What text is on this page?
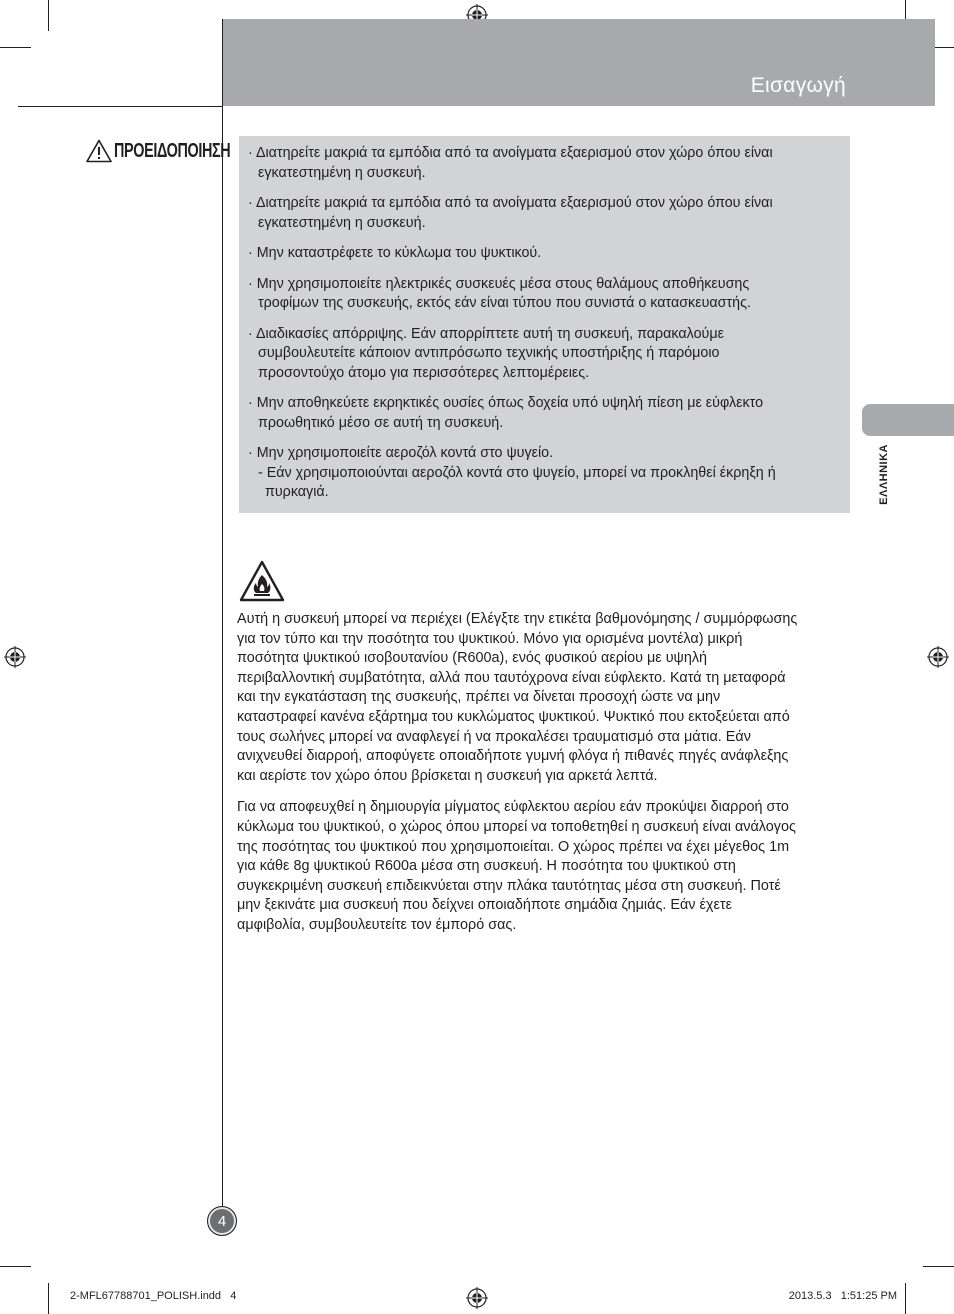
Εισαγωγή
ΠΡΟΕΙΔΟΠΟΙΗΣΗ · Διατηρείτε μακριά τα εμπόδια από τα ανοίγματα εξαερισμού στον χώρο όπου είναι
εγκατεστημένη η συσκευή.
· Διατηρείτε μακριά τα εμπόδια από τα ανοίγματα εξαερισμού στον χώρο όπου είναι
εγκατεστημένη η συσκευή.
· Μην καταστρέφετε το κύκλωμα του ψυκτικού.
· Μην χρησιμοποιείτε ηλεκτρικές συσκευές μέσα στους θαλάμους αποθήκευσης
τροφίμων της συσκευής, εκτός εάν είναι τύπου που συνιστά ο κατασκευαστής.
· Διαδικασίες απόρριψης. Εάν απορρίπτετε αυτή τη συσκευή, παρακαλούμε
συμβουλευτείτε κάποιον αντιπρόσωπο τεχνικής υποστήριξης ή παρόμοιο
προσοντούχο άτομο για περισσότερες λεπτομέρειες.
· Μην αποθηκεύετε εκρηκτικές ουσίες όπως δοχεία υπό υψηλή πίεση με εύφλεκτο
προωθητικό μέσο σε αυτή τη συσκευή.
· Μην χρησιμοποιείτε αεροζόλ κοντά στο ψυγείο.
- Εάν χρησιμοποιούνται αεροζόλ κοντά στο ψυγείο, μπορεί να προκληθεί έκρηξη ή
πυρκαγιά.
Αυτή η συσκευή μπορεί να περιέχει (Ελέγξτε την ετικέτα βαθμονόμησης / συμμόρφωσης
για τον τύπο και την ποσότητα του ψυκτικού. Μόνο για ορισμένα μοντέλα) μικρή
ποσότητα ψυκτικού ισοβουτανίου (R600a), ενός φυσικού αερίου με υψηλή
περιβαλλοντική συμβατότητα, αλλά που ταυτόχρονα είναι εύφλεκτο. Κατά τη μεταφορά
και την εγκατάσταση της συσκευής, πρέπει να δίνεται προσοχή ώστε να μην
καταστραφεί κανένα εξάρτημα του κυκλώματος ψυκτικού. Ψυκτικό που εκτοξεύεται από
τους σωλήνες μπορεί να αναφλεγεί ή να προκαλέσει τραυματισμό στα μάτια. Εάν
ανιχνευθεί διαρροή, αποφύγετε οποιαδήποτε γυμνή φλόγα ή πιθανές πηγές ανάφλεξης
και αερίστε τον χώρο όπου βρίσκεται η συσκευή για αρκετά λεπτά.
Για να αποφευχθεί η δημιουργία μίγματος εύφλεκτου αερίου εάν προκύψει διαρροή στο
κύκλωμα του ψυκτικού, ο χώρος όπου μπορεί να τοποθετηθεί η συσκευή είναι ανάλογος
της ποσότητας του ψυκτικού που χρησιμοποιείται. Ο χώρος πρέπει να έχει μέγεθος 1m
για κάθε 8g ψυκτικού R600a μέσα στη συσκευή. Η ποσότητα του ψυκτικού στη
συγκεκριμένη συσκευή επιδεικνύεται στην πλάκα ταυτότητας μέσα στη συσκευή. Ποτέ
μην ξεκινάτε μια συσκευή που δείχνει οποιαδήποτε σημάδια ζημιάς. Εάν έχετε
αμφιβολία, συμβουλευτείτε τον έμπορό σας.
ΕΛΛΗΝΙΚΑ
4
2-MFL67788701_POLISH.indd   4	2013.5.3   1:51:25 PM
